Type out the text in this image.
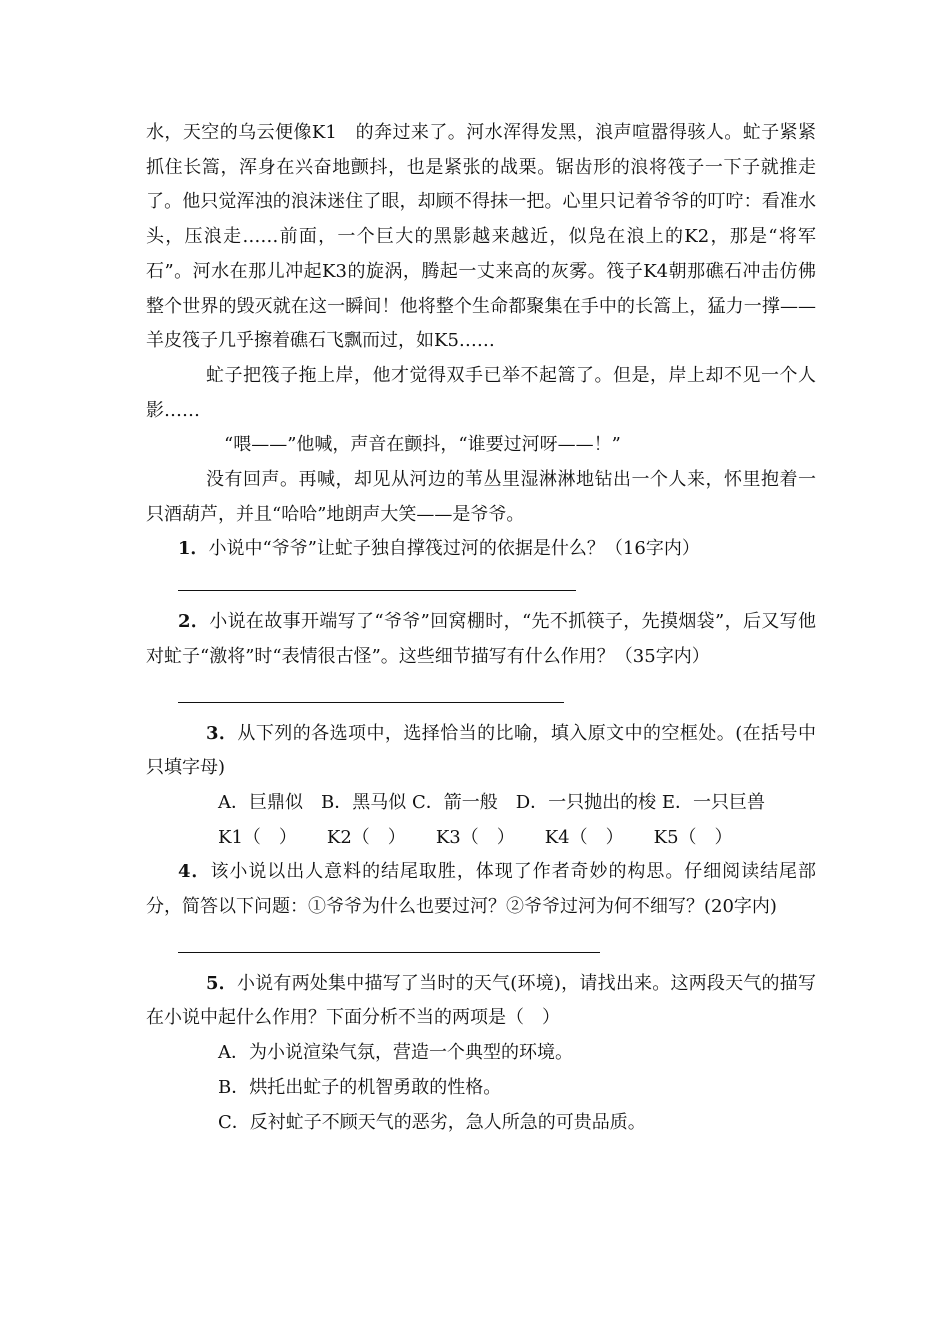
水，天空的乌云便像K1　的奔过来了。河水浑得发黑，浪声喧嚣得骇人。虻子紧紧抓住长篙，浑身在兴奋地颤抖，也是紧张的战栗。锯齿形的浪将筏子一下子就推走了。他只觉浑浊的浪沫迷住了眼，却顾不得抹一把。心里只记着爷爷的叮咛：看准水头，压浪走……前面，一个巨大的黑影越来越近，似凫在浪上的K2，那是“将军石”。河水在那儿冲起K3的旋涡，腾起一丈来高的灰雾。筏子K4朝那礁石冲击仿佛整个世界的毁灭就在这一瞬间！他将整个生命都聚集在手中的长篙上，猛力一撑——羊皮筏子几乎擦着礁石飞飘而过，如K5……

虻子把筏子拖上岸，他才觉得双手已举不起篙了。但是，岸上却不见一个人影……

“喂——”他喊，声音在颤抖，“谁要过河呀——！”

没有回声。再喊，却见从河边的苇丛里湿淋淋地钻出一个人来，怀里抱着一只酒葫芦，并且“哈哈”地朗声大笑——是爷爷。

1．小说中“爷爷”让虻子独自撑筏过河的依据是什么？（16字内）

2．小说在故事开端写了“爷爷”回窝棚时，“先不抓筷子，先摸烟袋”，后又写他对虻子“激将”时“表情很古怪”。这些细节描写有什么作用？（35字内）

3．从下列的各选项中，选择恰当的比喻，填入原文中的空框处。(在括号中只填字母)

A．巨鼎似　B．黑马似 C．箭一般　D．一只抛出的梭 E．一只巨兽

K1（　） K2（　） K3（　） K4（　） K5（　）

4．该小说以出人意料的结尾取胜，体现了作者奇妙的构思。仔细阅读结尾部分，简答以下问题：①爷爷为什么也要过河？②爷爷过河为何不细写？(20字内)

5．小说有两处集中描写了当时的天气(环境)，请找出来。这两段天气的描写在小说中起什么作用？下面分析不当的两项是（　）

A．为小说渲染气氛，营造一个典型的环境。

B．烘托出虻子的机智勇敢的性格。

C．反衬虻子不顾天气的恶劣，急人所急的可贵品质。
